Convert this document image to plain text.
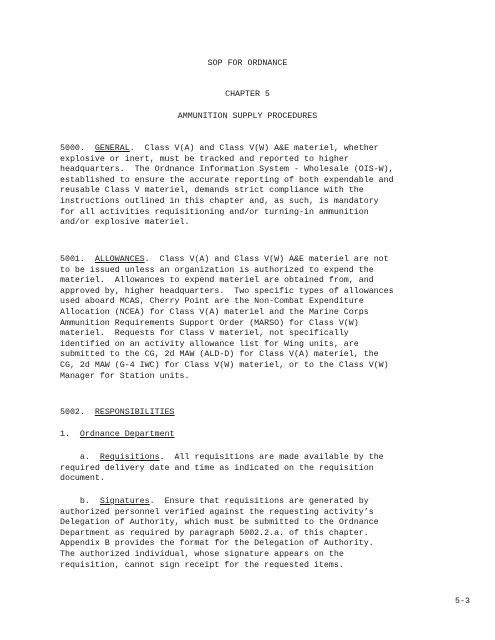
SOP FOR ORDNANCE
CHAPTER 5
AMMUNITION SUPPLY PROCEDURES
5000.  GENERAL.  Class V(A) and Class V(W) A&E materiel, whether
explosive or inert, must be tracked and reported to higher
headquarters.  The Ordnance Information System - Wholesale (OIS-W),
established to ensure the accurate reporting of both expendable and
reusable Class V materiel, demands strict compliance with the
instructions outlined in this chapter and, as such, is mandatory
for all activities requisitioning and/or turning-in ammunition
and/or explosive materiel.
5001.  ALLOWANCES.  Class V(A) and Class V(W) A&E materiel are not
to be issued unless an organization is authorized to expend the
materiel.  Allowances to expend materiel are obtained from, and
approved by, higher headquarters.  Two specific types of allowances
used aboard MCAS, Cherry Point are the Non-Combat Expenditure
Allocation (NCEA) for Class V(A) materiel and the Marine Corps
Ammunition Requirements Support Order (MARSO) for Class V(W)
materiel.  Requests for Class V materiel, not specifically
identified on an activity allowance list for Wing units, are
submitted to the CG, 2d MAW (ALD-D) for Class V(A) materiel, the
CG, 2d MAW (G-4 IWC) for Class V(W) materiel, or to the Class V(W)
Manager for Station units.
5002.  RESPONSIBILITIES
1.  Ordnance Department
a.  Requisitions.  All requisitions are made available by the
required delivery date and time as indicated on the requisition
document.
b.  Signatures.  Ensure that requisitions are generated by
authorized personnel verified against the requesting activity’s
Delegation of Authority, which must be submitted to the Ordnance
Department as required by paragraph 5002.2.a. of this chapter.
Appendix B provides the format for the Delegation of Authority.
The authorized individual, whose signature appears on the
requisition, cannot sign receipt for the requested items.
5-3
